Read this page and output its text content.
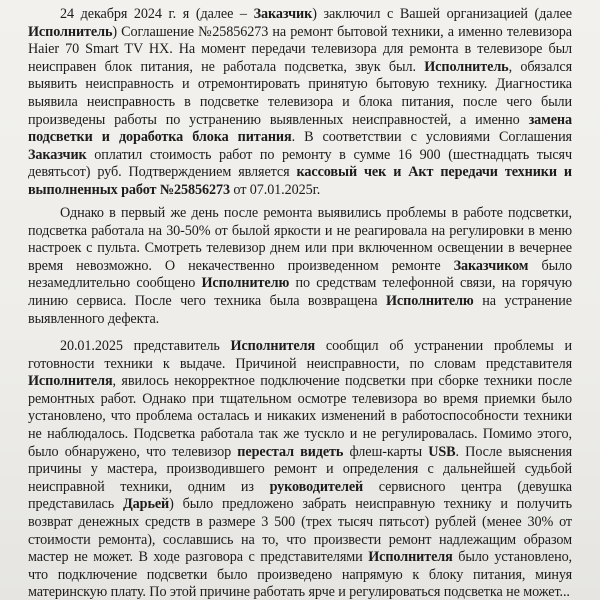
24 декабря 2024 г. я (далее – Заказчик) заключил с Вашей организацией (далее Исполнитель) Соглашение №25856273 на ремонт бытовой техники, а именно телевизора Haier 70 Smart TV HX. На момент передачи телевизора для ремонта в телевизоре был неисправен блок питания, не работала подсветка, звук был. Исполнитель, обязался выявить неисправность и отремонтировать принятую бытовую технику. Диагностика выявила неисправность в подсветке телевизора и блока питания, после чего были произведены работы по устранению выявленных неисправностей, а именно замена подсветки и доработка блока питания. В соответствии с условиями Соглашения Заказчик оплатил стоимость работ по ремонту в сумме 16 900 (шестнадцать тысяч девятьсот) руб. Подтверждением является кассовый чек и Акт передачи техники и выполненных работ №25856273 от 07.01.2025г.

Однако в первый же день после ремонта выявились проблемы в работе подсветки, подсветка работала на 30-50% от былой яркости и не реагировала на регулировки в меню настроек с пульта. Смотреть телевизор днем или при включенном освещении в вечернее время невозможно. О некачественно произведенном ремонте Заказчиком было незамедлительно сообщено Исполнителю по средствам телефонной связи, на горячую линию сервиса. После чего техника была возвращена Исполнителю на устранение выявленного дефекта.

20.01.2025 представитель Исполнителя сообщил об устранении проблемы и готовности техники к выдаче. Причиной неисправности, по словам представителя Исполнителя, явилось некорректное подключение подсветки при сборке техники после ремонтных работ. Однако при тщательном осмотре телевизора во время приемки было установлено, что проблема осталась и никаких изменений в работоспособности техники не наблюдалось. Подсветка работала так же тускло и не регулировалась. Помимо этого, было обнаружено, что телевизор перестал видеть флеш-карты USB. После выяснения причины у мастера, производившего ремонт и определения с дальнейшей судьбой неисправной техники, одним из руководителей сервисного центра (девушка представилась Дарьей) было предложено забрать неисправную технику и получить возврат денежных средств в размере 3 500 (трех тысяч пятьсот) рублей (менее 30% от стоимости ремонта), сославшись на то, что произвести ремонт надлежащим образом мастер не может. В ходе разговора с представителями Исполнителя было установлено, что подключение подсветки было произведено напрямую к блоку питания, минуя материнскую плату. По этой причине работать ярче и регулироваться подсветка не может...
